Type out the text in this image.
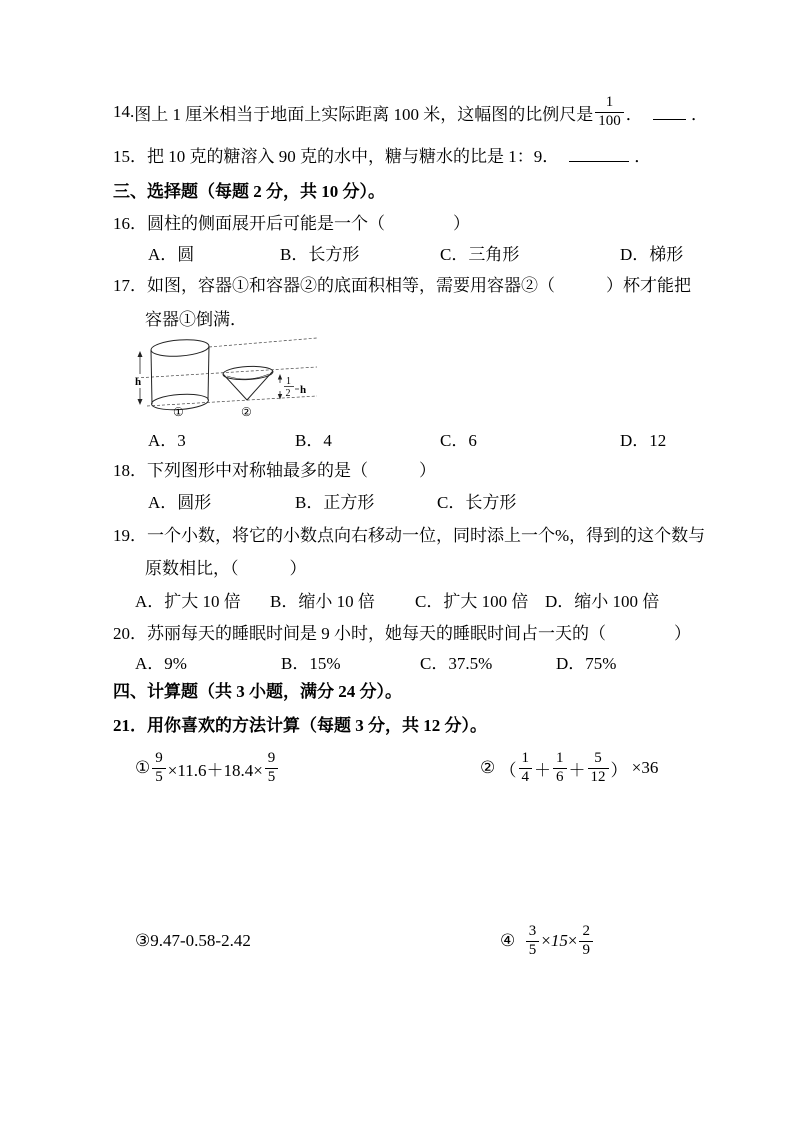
14. 图上 1 厘米相当于地面上实际距离 100 米，这幅图的比例尺是 $\frac{1}{100}$ ．	．
15．把 10 克的糖溶入 90 克的水中，糖与糖水的比是 1：9．	．
三、选择题（每题 2 分，共 10 分）。
16．圆柱的侧面展开后可能是一个（　　　　）
A．圆	B．长方形	C．三角形	D．梯形
17．如图，容器①和容器②的底面积相等，需要用容器②（　　　）杯才能把
容器①倒满．
h	1
2 h
①	②
A．3	B．4	C．6	D．12
18．下列图形中对称轴最多的是（　　　）
A．圆形	B．正方形	C．长方形
19．一个小数，将它的小数点向右移动一位，同时添上一个%，得到的这个数与
原数相比，（　　　）
A．扩大 10 倍	B．缩小 10 倍	C．扩大 100 倍 D．缩小 100 倍
20．苏丽每天的睡眠时间是 9 小时，她每天的睡眠时间占一天的（　　　　）
A．9%	B．15%	C．37.5%	D．75%
四、计算题（共 3 小题，满分 24 分）。
21．用你喜欢的方法计算（每题 3 分，共 12 分）。
① $\frac{9}{5} \times 11.6+18.4\times \frac{9}{5}$	②
（ $\frac{1}{4} + \frac{1}{6} + \frac{5}{12}$ ）
×36
③ 9.47-0.58-2.42	④
$\frac{3}{5} \times 15 \times \frac{2}{9}$
